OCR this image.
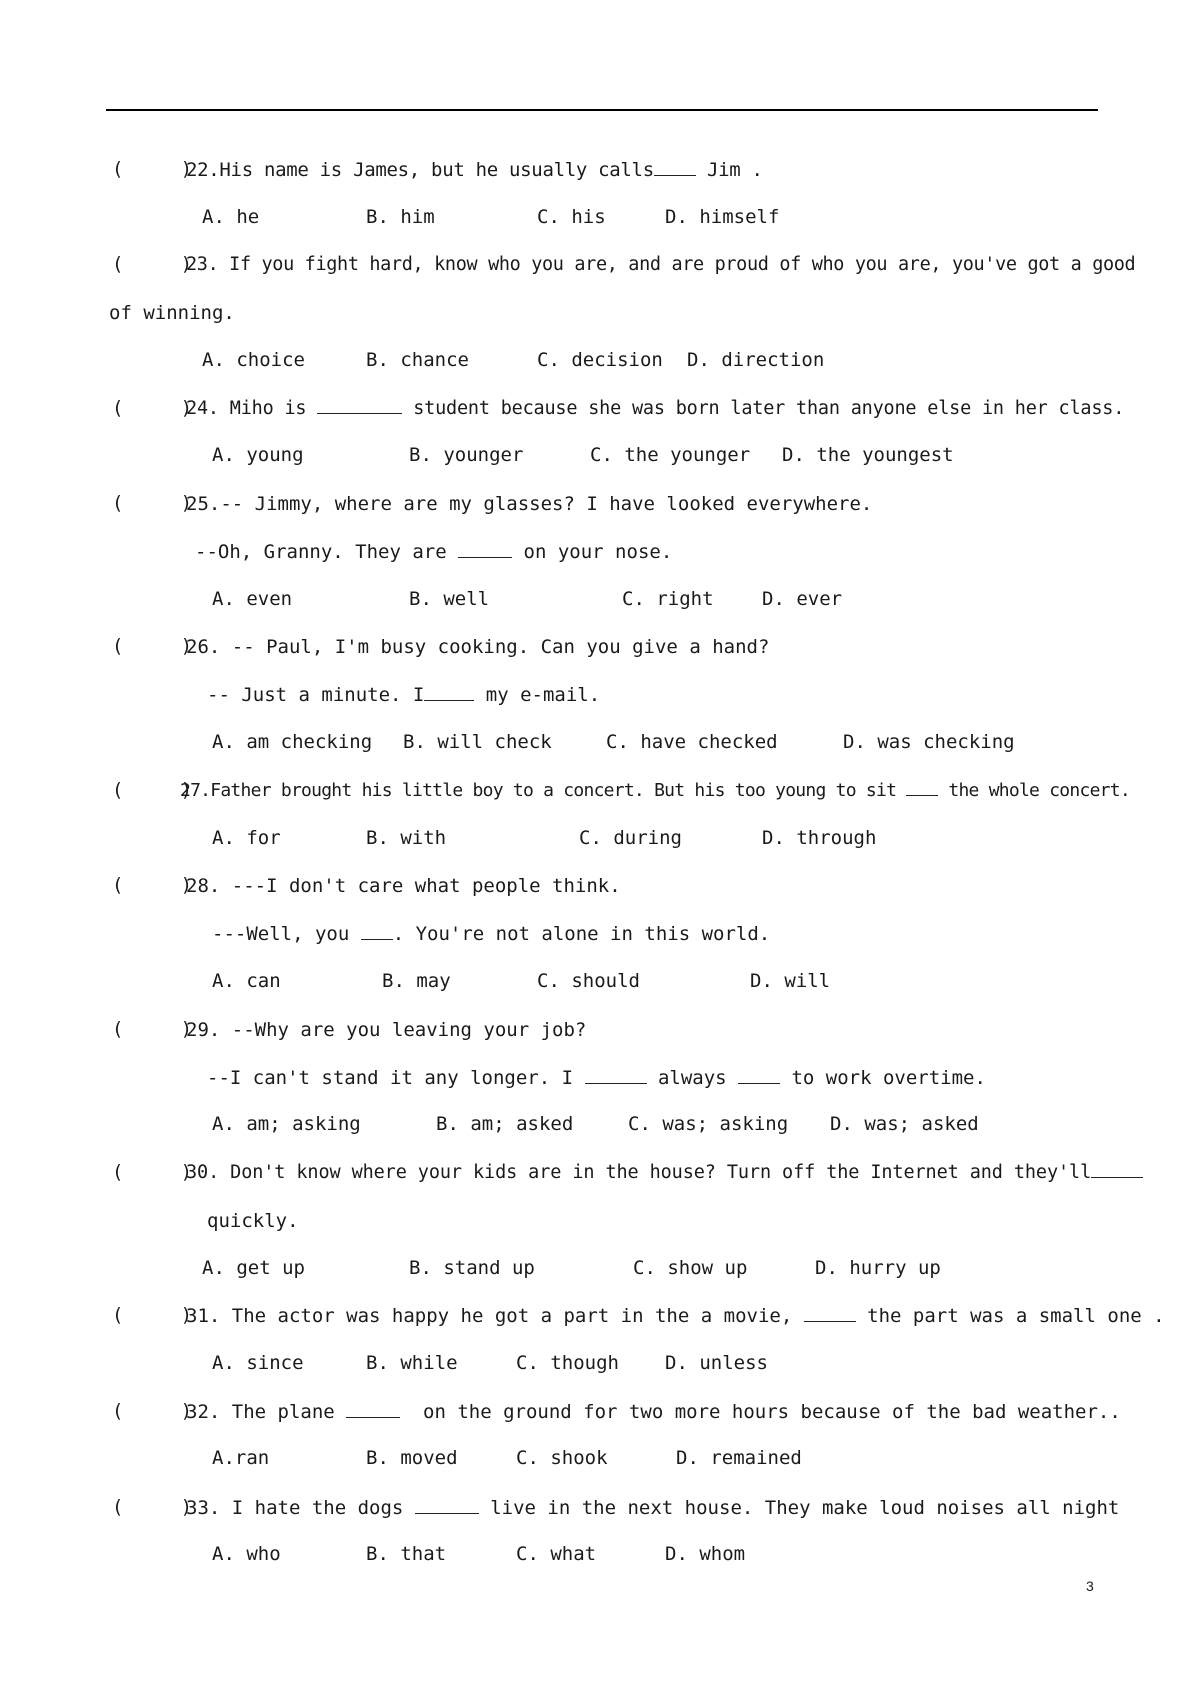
(     )
22.His name is James, but he usually calls Jim .
A. he	B. him	C. his	D. himself
(     )
23. If you fight hard, know who you are, and are proud of who you are, you've got a good
of winning.
A. choice	B. chance	C. decision D. direction
(     )
24. Miho is	student because she was born later than anyone else in her class.
A. young	B. younger	C. the younger D. the youngest
(     )
25.-- Jimmy, where are my glasses? I have looked everywhere.
--Oh, Granny. They are	on your nose.
A. even	B. well	C. right	D. ever
(     )
26. -- Paul, I'm busy cooking. Can you give a hand?
-- Just a minute. I	my e-mail.
A. am checking B. will check	C. have checked	D. was checking
(     )
27.Father brought his little boy to a concert. But his too young to sit  the whole concert.
A. for	B. with	C. during	D. through
(     )
28. ---I don't care what people think.
---Well, you . You're not alone in this world.
A. can	B. may	C. should	D. will
(     )
29. --Why are you leaving your job?
--I can't stand it any longer. I	always  to work overtime.
A. am; asking	B. am; asked	C. was; asking D. was; asked
(     )
30. Don't know where your kids are in the house? Turn off the Internet and they'll
quickly.
A. get up	B. stand up	C. show up	D. hurry up
(     )
31. The actor was happy he got a part in the a movie,	the part was a small one .
A. since	B. while	C. though D. unless
(     )
32. The plane	on the ground for two more hours because of the bad weather..
A.ran	B. moved	C. shook	D. remained
(     )
33. I hate the dogs	live in the next house. They make loud noises all night
A. who	B. that	C. what	D. whom
3
